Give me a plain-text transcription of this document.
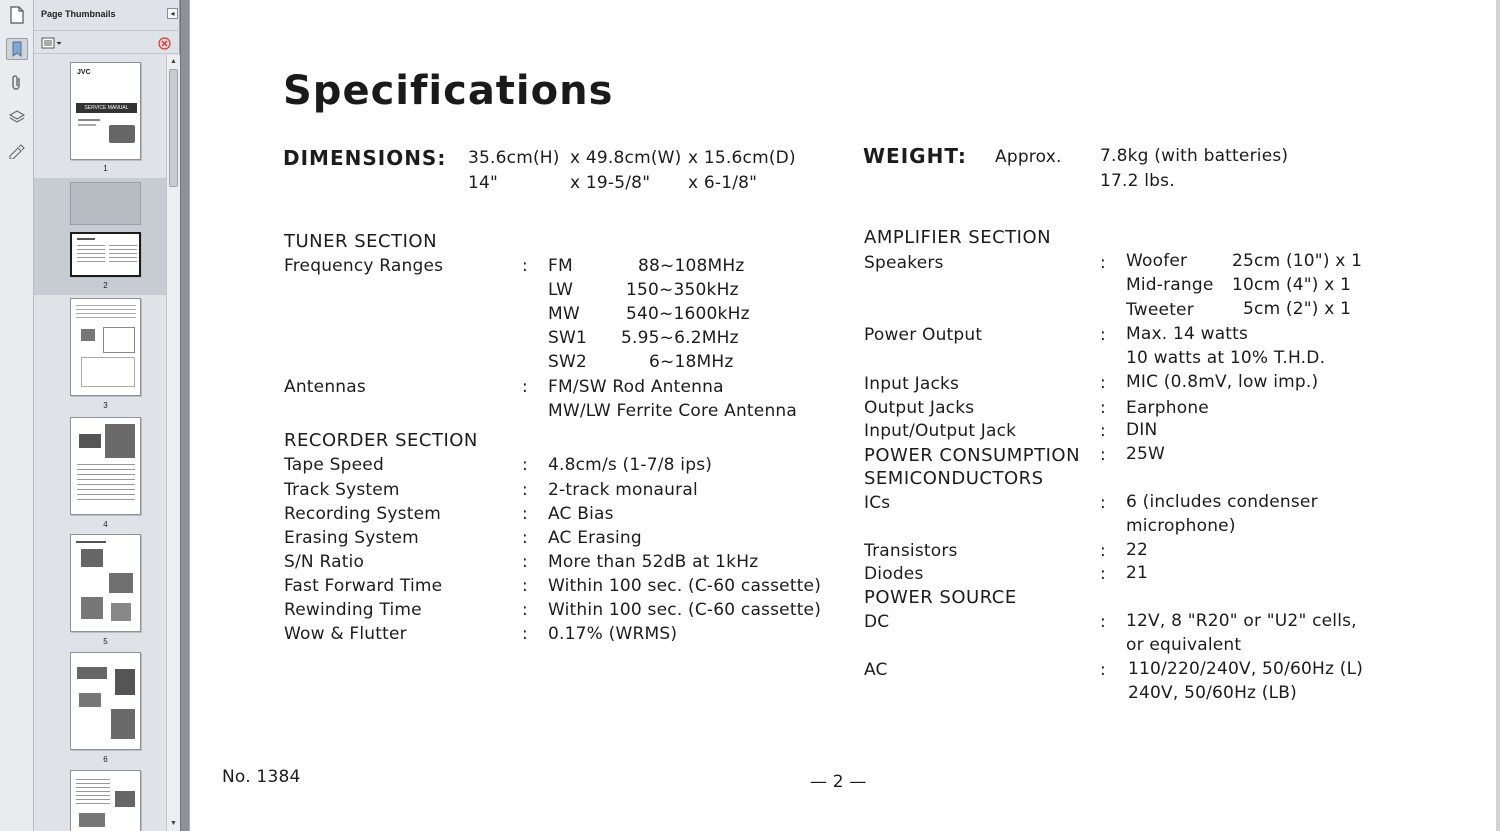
Page Thumbnails	◂
JVC
SERVICE MANUAL
1
2
3
4
5
6
▲
▼
Specifications
DIMENSIONS: 35.6cm(H) x 49.8cm(W) x 15.6cm(D)
14"	x 19-5/8" x 6-1/8"
WEIGHT: Approx. 7.8kg (with batteries)
17.2 lbs.
TUNER SECTION
Frequency Ranges	: FM	88~108MHz
LW	150~350kHz
MW	540~1600kHz
SW1 5.95~6.2MHz
SW2	6~18MHz
Antennas	: FM/SW Rod Antenna
MW/LW Ferrite Core Antenna
RECORDER SECTION
Tape Speed	: 4.8cm/s (1-7/8 ips)
Track System	: 2-track monaural
Recording System	: AC Bias
Erasing System	: AC Erasing
S/N Ratio	: More than 52dB at 1kHz
Fast Forward Time	: Within 100 sec. (C-60 cassette)
Rewinding Time	: Within 100 sec. (C-60 cassette)
Wow & Flutter	: 0.17% (WRMS)
AMPLIFIER SECTION
Speakers	: Woofer	25cm (10") x 1
Mid-range 10cm (4") x 1
Tweeter	5cm (2") x 1
Power Output	: Max. 14 watts
10 watts at 10% T.H.D.
Input Jacks	: MIC (0.8mV, low imp.)
Output Jacks	: Earphone
Input/Output Jack	: DIN
POWER CONSUMPTION : 25W
SEMICONDUCTORS
ICs	: 6 (includes condenser
microphone)
Transistors	: 22
Diodes	: 21
POWER SOURCE
DC	: 12V, 8 "R20" or "U2" cells,
or equivalent
AC	: 110/220/240V, 50/60Hz (L)
240V, 50/60Hz (LB)
No. 1384	— 2 —
